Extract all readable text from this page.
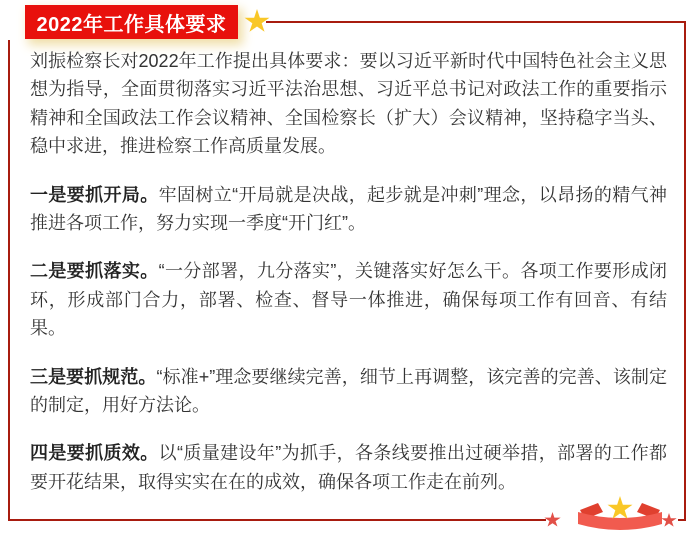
2022年工作具体要求

刘振检察长对2022年工作提出具体要求：要以习近平新时代中国特色社会主义思想为指导，全面贯彻落实习近平法治思想、习近平总书记对政法工作的重要指示精神和全国政法工作会议精神、全国检察长（扩大）会议精神，坚持稳字当头、稳中求进，推进检察工作高质量发展。

一是要抓开局。牢固树立“开局就是决战，起步就是冲刺”理念，以昂扬的精气神推进各项工作，努力实现一季度“开门红”。

二是要抓落实。“一分部署，九分落实”，关键落实好怎么干。各项工作要形成闭环，形成部门合力，部署、检查、督导一体推进，确保每项工作有回音、有结果。

三是要抓规范。“标准+”理念要继续完善，细节上再调整，该完善的完善、该制定的制定，用好方法论。

四是要抓质效。以“质量建设年”为抓手，各条线要推出过硬举措，部署的工作都要开花结果，取得实实在在的成效，确保各项工作走在前列。
